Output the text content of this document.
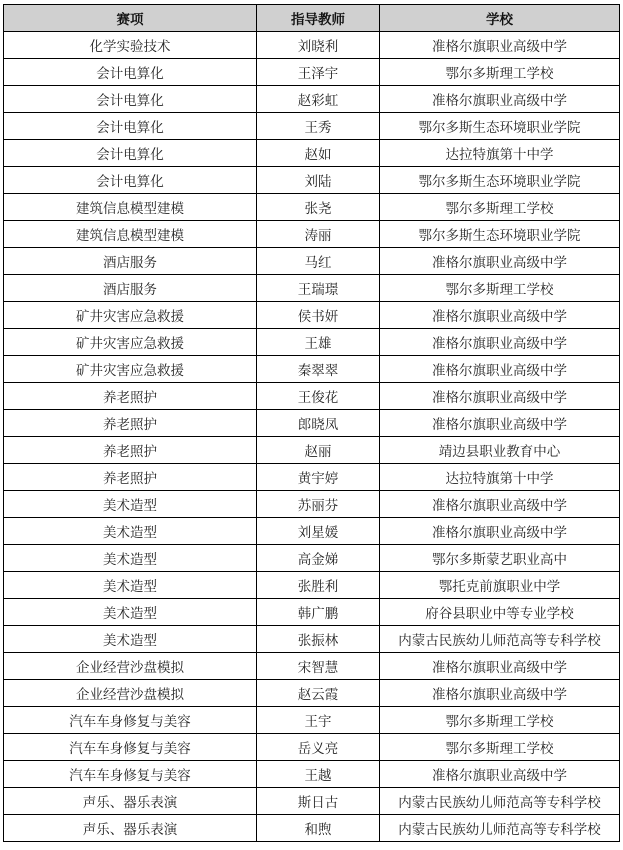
赛项	指导教师	学校
化学实验技术	刘晓利	准格尔旗职业高级中学
会计电算化	王泽宇	鄂尔多斯理工学校
会计电算化	赵彩虹	准格尔旗职业高级中学
会计电算化	王秀	鄂尔多斯生态环境职业学院
会计电算化	赵如	达拉特旗第十中学
会计电算化	刘陆	鄂尔多斯生态环境职业学院
建筑信息模型建模	张尧	鄂尔多斯理工学校
建筑信息模型建模	涛丽	鄂尔多斯生态环境职业学院
酒店服务	马红	准格尔旗职业高级中学
酒店服务	王瑞璟	鄂尔多斯理工学校
矿井灾害应急救援	侯书妍	准格尔旗职业高级中学
矿井灾害应急救援	王雄	准格尔旗职业高级中学
矿井灾害应急救援	秦翠翠	准格尔旗职业高级中学
养老照护	王俊花	准格尔旗职业高级中学
养老照护	郎晓凤	准格尔旗职业高级中学
养老照护	赵丽	靖边县职业教育中心
养老照护	黄宇婷	达拉特旗第十中学
美术造型	苏丽芬	准格尔旗职业高级中学
美术造型	刘星媛	准格尔旗职业高级中学
美术造型	高金娣	鄂尔多斯蒙艺职业高中
美术造型	张胜利	鄂托克前旗职业中学
美术造型	韩广鹏	府谷县职业中等专业学校
美术造型	张振林	内蒙古民族幼儿师范高等专科学校
企业经营沙盘模拟	宋智慧	准格尔旗职业高级中学
企业经营沙盘模拟	赵云霞	准格尔旗职业高级中学
汽车车身修复与美容	王宇	鄂尔多斯理工学校
汽车车身修复与美容	岳义亮	鄂尔多斯理工学校
汽车车身修复与美容	王越	准格尔旗职业高级中学
声乐、器乐表演	斯日古	内蒙古民族幼儿师范高等专科学校
声乐、器乐表演	和煦	内蒙古民族幼儿师范高等专科学校
